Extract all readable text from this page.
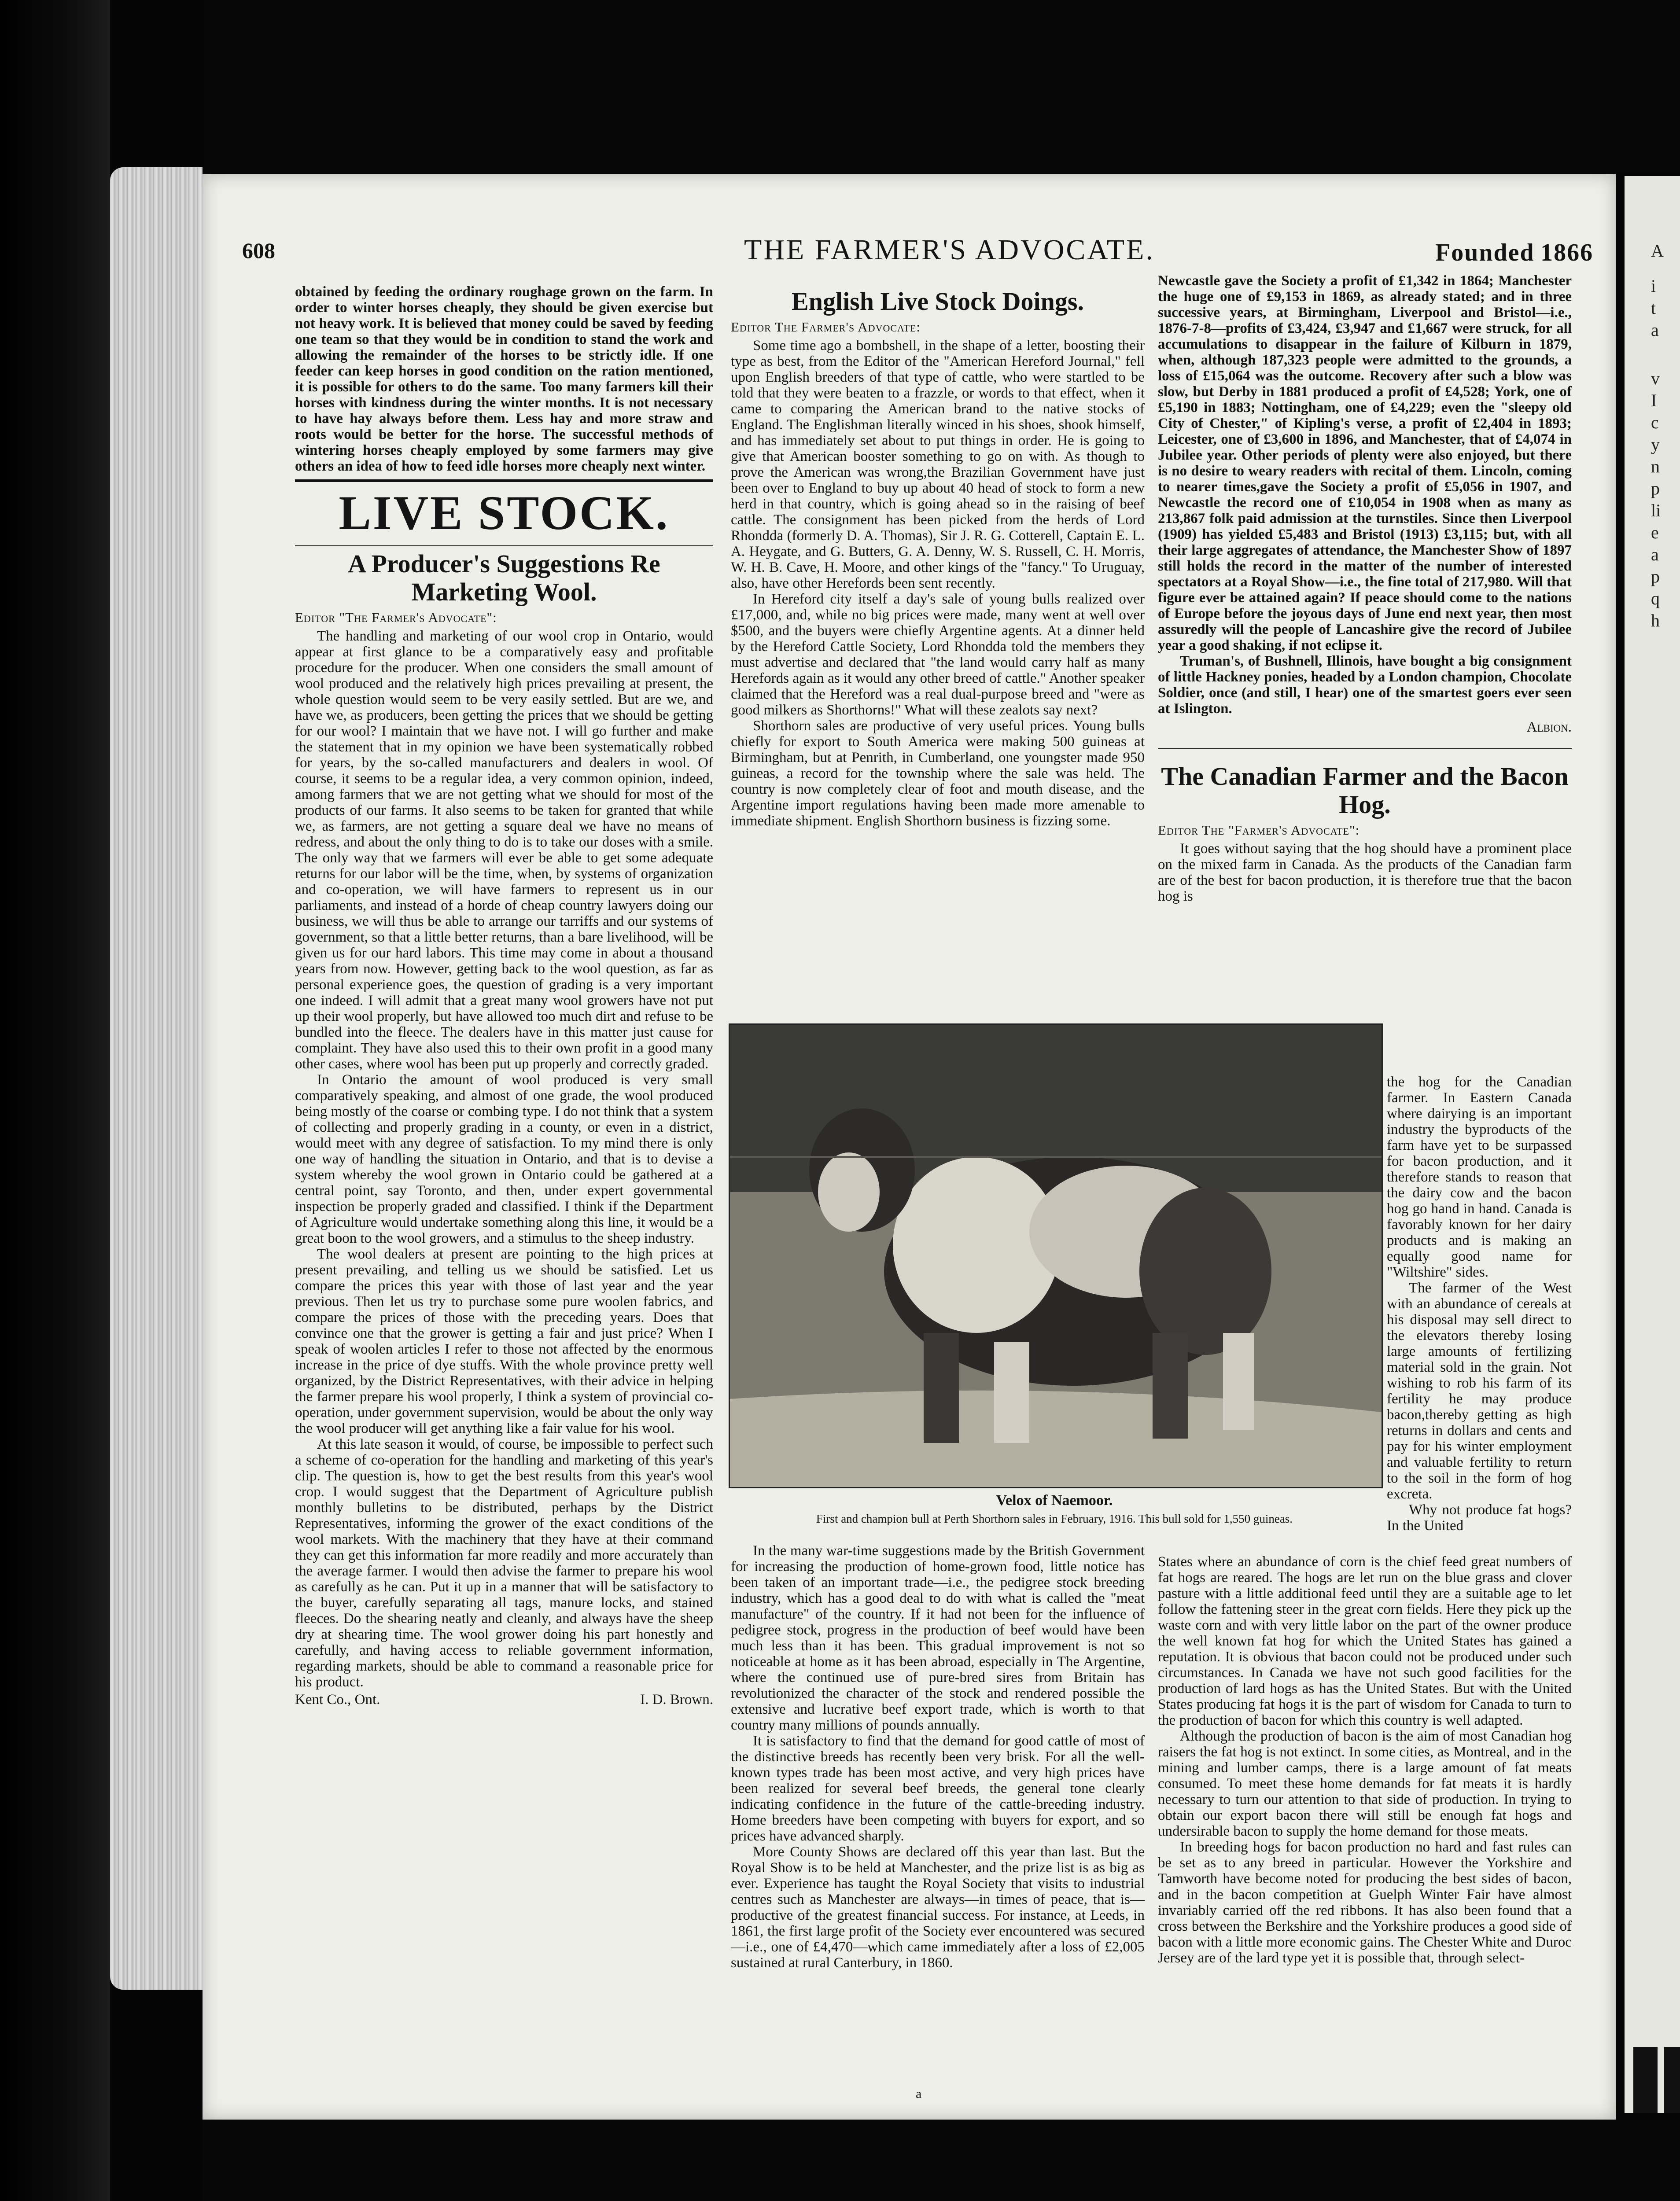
608	THE FARMER'S ADVOCATE.	Founded 1866

obtained by feeding the ordinary roughage grown on the farm. In order to winter horses cheaply, they should be given exercise but not heavy work. It is believed that money could be saved by feeding one team so that they would be in condition to stand the work and allowing the remainder of the horses to be strictly idle. If one feeder can keep horses in good condition on the ration mentioned, it is possible for others to do the same. Too many farmers kill their horses with kindness during the winter months. It is not necessary to have hay always before them. Less hay and more straw and roots would be better for the horse. The successful methods of wintering horses cheaply employed by some farmers may give others an idea of how to feed idle horses more cheaply next winter.

LIVE STOCK.
A Producer's Suggestions Re Marketing Wool.
Editor "The Farmer's Advocate":

The handling and marketing of our wool crop in Ontario, would appear at first glance to be a comparatively easy and profitable procedure for the producer. When one considers the small amount of wool produced and the relatively high prices prevailing at present, the whole question would seem to be very easily settled. But are we, and have we, as producers, been getting the prices that we should be getting for our wool? I maintain that we have not. I will go further and make the statement that in my opinion we have been systematically robbed for years, by the so-called manufacturers and dealers in wool. Of course, it seems to be a regular idea, a very common opinion, indeed, among farmers that we are not getting what we should for most of the products of our farms. It also seems to be taken for granted that while we, as farmers, are not getting a square deal we have no means of redress, and about the only thing to do is to take our doses with a smile. The only way that we farmers will ever be able to get some adequate returns for our labor will be the time, when, by systems of organization and co-operation, we will have farmers to represent us in our parliaments, and instead of a horde of cheap country lawyers doing our business, we will thus be able to arrange our tarriffs and our systems of government, so that a little better returns, than a bare livelihood, will be given us for our hard labors. This time may come in about a thousand years from now. However, getting back to the wool question, as far as personal experience goes, the question of grading is a very important one indeed. I will admit that a great many wool growers have not put up their wool properly, but have allowed too much dirt and refuse to be bundled into the fleece. The dealers have in this matter just cause for complaint. They have also used this to their own profit in a good many other cases, where wool has been put up properly and correctly graded.

In Ontario the amount of wool produced is very small comparatively speaking, and almost of one grade, the wool produced being mostly of the coarse or combing type. I do not think that a system of collecting and properly grading in a county, or even in a district, would meet with any degree of satisfaction. To my mind there is only one way of handling the situation in Ontario, and that is to devise a system whereby the wool grown in Ontario could be gathered at a central point, say Toronto, and then, under expert governmental inspection be properly graded and classified. I think if the Department of Agriculture would undertake something along this line, it would be a great boon to the wool growers, and a stimulus to the sheep industry.

The wool dealers at present are pointing to the high prices at present prevailing, and telling us we should be satisfied. Let us compare the prices this year with those of last year and the year previous. Then let us try to purchase some pure woolen fabrics, and compare the prices of those with the preceding years. Does that convince one that the grower is getting a fair and just price? When I speak of woolen articles I refer to those not affected by the enormous increase in the price of dye stuffs. With the whole province pretty well organized, by the District Representatives, with their advice in helping the farmer prepare his wool properly, I think a system of provincial co-operation, under government supervision, would be about the only way the wool producer will get anything like a fair value for his wool.

At this late season it would, of course, be impossible to perfect such a scheme of co-operation for the handling and marketing of this year's clip. The question is, how to get the best results from this year's wool crop. I would suggest that the Department of Agriculture publish monthly bulletins to be distributed, perhaps by the District Representatives, informing the grower of the exact conditions of the wool markets. With the machinery that they have at their command they can get this information far more readily and more accurately than the average farmer. I would then advise the farmer to prepare his wool as carefully as he can. Put it up in a manner that will be satisfactory to the buyer, carefully separating all tags, manure locks, and stained fleeces. Do the shearing neatly and cleanly, and always have the sheep dry at shearing time. The wool grower doing his part honestly and carefully, and having access to reliable government information, regarding markets, should be able to command a reasonable price for his product.

Kent Co., Ont.	I. D. Brown.
English Live Stock Doings.
Editor The Farmer's Advocate:

Some time ago a bombshell, in the shape of a letter, boosting their type as best, from the Editor of the "American Hereford Journal," fell upon English breeders of that type of cattle, who were startled to be told that they were beaten to a frazzle, or words to that effect, when it came to comparing the American brand to the native stocks of England. The Englishman literally winced in his shoes, shook himself, and has immediately set about to put things in order. He is going to give that American booster something to go on with. As though to prove the American was wrong,the Brazilian Government have just been over to England to buy up about 40 head of stock to form a new herd in that country, which is going ahead so in the raising of beef cattle. The consignment has been picked from the herds of Lord Rhondda (formerly D. A. Thomas), Sir J. R. G. Cotterell, Captain E. L. A. Heygate, and G. Butters, G. A. Denny, W. S. Russell, C. H. Morris, W. H. B. Cave, H. Moore, and other kings of the "fancy." To Uruguay, also, have other Herefords been sent recently.

In Hereford city itself a day's sale of young bulls realized over £17,000, and, while no big prices were made, many went at well over $500, and the buyers were chiefly Argentine agents. At a dinner held by the Hereford Cattle Society, Lord Rhondda told the members they must advertise and declared that "the land would carry half as many Herefords again as it would any other breed of cattle." Another speaker claimed that the Hereford was a real dual-purpose breed and "were as good milkers as Shorthorns!" What will these zealots say next?

Shorthorn sales are productive of very useful prices. Young bulls chiefly for export to South America were making 500 guineas at Birmingham, but at Penrith, in Cumberland, one youngster made 950 guineas, a record for the township where the sale was held. The country is now completely clear of foot and mouth disease, and the Argentine import regulations having been made more amenable to immediate shipment. English Shorthorn business is fizzing some.

Newcastle gave the Society a profit of £1,342 in 1864; Manchester the huge one of £9,153 in 1869, as already stated; and in three successive years, at Birmingham, Liverpool and Bristol—i.e., 1876-7-8—profits of £3,424, £3,947 and £1,667 were struck, for all accumulations to disappear in the failure of Kilburn in 1879, when, although 187,323 people were admitted to the grounds, a loss of £15,064 was the outcome. Recovery after such a blow was slow, but Derby in 1881 produced a profit of £4,528; York, one of £5,190 in 1883; Nottingham, one of £4,229; even the "sleepy old City of Chester," of Kipling's verse, a profit of £2,404 in 1893; Leicester, one of £3,600 in 1896, and Manchester, that of £4,074 in Jubilee year. Other periods of plenty were also enjoyed, but there is no desire to weary readers with recital of them. Lincoln, coming to nearer times,gave the Society a profit of £5,056 in 1907, and Newcastle the record one of £10,054 in 1908 when as many as 213,867 folk paid admission at the turnstiles. Since then Liverpool (1909) has yielded £5,483 and Bristol (1913) £3,115; but, with all their large aggregates of attendance, the Manchester Show of 1897 still holds the record in the matter of the number of interested spectators at a Royal Show—i.e., the fine total of 217,980. Will that figure ever be attained again? If peace should come to the nations of Europe before the joyous days of June end next year, then most assuredly will the people of Lancashire give the record of Jubilee year a good shaking, if not eclipse it.

Truman's, of Bushnell, Illinois, have bought a big consignment of little Hackney ponies, headed by a London champion, Chocolate Soldier, once (and still, I hear) one of the smartest goers ever seen at Islington.

Albion.
The Canadian Farmer and the Bacon Hog.
Editor The "Farmer's Advocate":

It goes without saying that the hog should have a prominent place on the mixed farm in Canada. As the products of the Canadian farm are of the best for bacon production, it is therefore true that the bacon hog is

Velox of Naemoor.
First and champion bull at Perth Shorthorn sales in February, 1916. This bull sold for 1,550 guineas.

the hog for the Canadian farmer. In Eastern Canada where dairying is an important industry the byproducts of the farm have yet to be surpassed for bacon production, and it therefore stands to reason that the dairy cow and the bacon hog go hand in hand. Canada is favorably known for her dairy products and is making an equally good name for "Wiltshire" sides.

The farmer of the West with an abundance of cereals at his disposal may sell direct to the elevators thereby losing large amounts of fertilizing material sold in the grain. Not wishing to rob his farm of its fertility he may produce bacon,thereby getting as high returns in dollars and cents and pay for his winter employment and valuable fertility to return to the soil in the form of hog excreta.

Why not produce fat hogs? In the United

In the many war-time suggestions made by the British Government for increasing the production of home-grown food, little notice has been taken of an important trade—i.e., the pedigree stock breeding industry, which has a good deal to do with what is called the "meat manufacture" of the country. If it had not been for the influence of pedigree stock, progress in the production of beef would have been much less than it has been. This gradual improvement is not so noticeable at home as it has been abroad, especially in The Argentine, where the continued use of pure-bred sires from Britain has revolutionized the character of the stock and rendered possible the extensive and lucrative beef export trade, which is worth to that country many millions of pounds annually.

It is satisfactory to find that the demand for good cattle of most of the distinctive breeds has recently been very brisk. For all the well-known types trade has been most active, and very high prices have been realized for several beef breeds, the general tone clearly indicating confidence in the future of the cattle-breeding industry. Home breeders have been competing with buyers for export, and so prices have advanced sharply.

More County Shows are declared off this year than last. But the Royal Show is to be held at Manchester, and the prize list is as big as ever. Experience has taught the Royal Society that visits to industrial centres such as Manchester are always—in times of peace, that is—productive of the greatest financial success. For instance, at Leeds, in 1861, the first large profit of the Society ever encountered was secured—i.e., one of £4,470—which came immediately after a loss of £2,005 sustained at rural Canterbury, in 1860.

States where an abundance of corn is the chief feed great numbers of fat hogs are reared. The hogs are let run on the blue grass and clover pasture with a little additional feed until they are a suitable age to let follow the fattening steer in the great corn fields. Here they pick up the waste corn and with very little labor on the part of the owner produce the well known fat hog for which the United States has gained a reputation. It is obvious that bacon could not be produced under such circumstances. In Canada we have not such good facilities for the production of lard hogs as has the United States. But with the United States producing fat hogs it is the part of wisdom for Canada to turn to the production of bacon for which this country is well adapted.

Although the production of bacon is the aim of most Canadian hog raisers the fat hog is not extinct. In some cities, as Montreal, and in the mining and lumber camps, there is a large amount of fat meats consumed. To meet these home demands for fat meats it is hardly necessary to turn our attention to that side of production. In trying to obtain our export bacon there will still be enough fat hogs and undersirable bacon to supply the home demand for those meats.

In breeding hogs for bacon production no hard and fast rules can be set as to any breed in particular. However the Yorkshire and Tamworth have become noted for producing the best sides of bacon, and in the bacon competition at Guelph Winter Fair have almost invariably carried off the red ribbons. It has also been found that a cross between the Berkshire and the Yorkshire produces a good side of bacon with a little more economic gains. The Chester White and Duroc Jersey are of the lard type yet it is possible that, through select-

a
A
i
t
a
v
I
c
y
n
p
li
e
a
p
q
h
